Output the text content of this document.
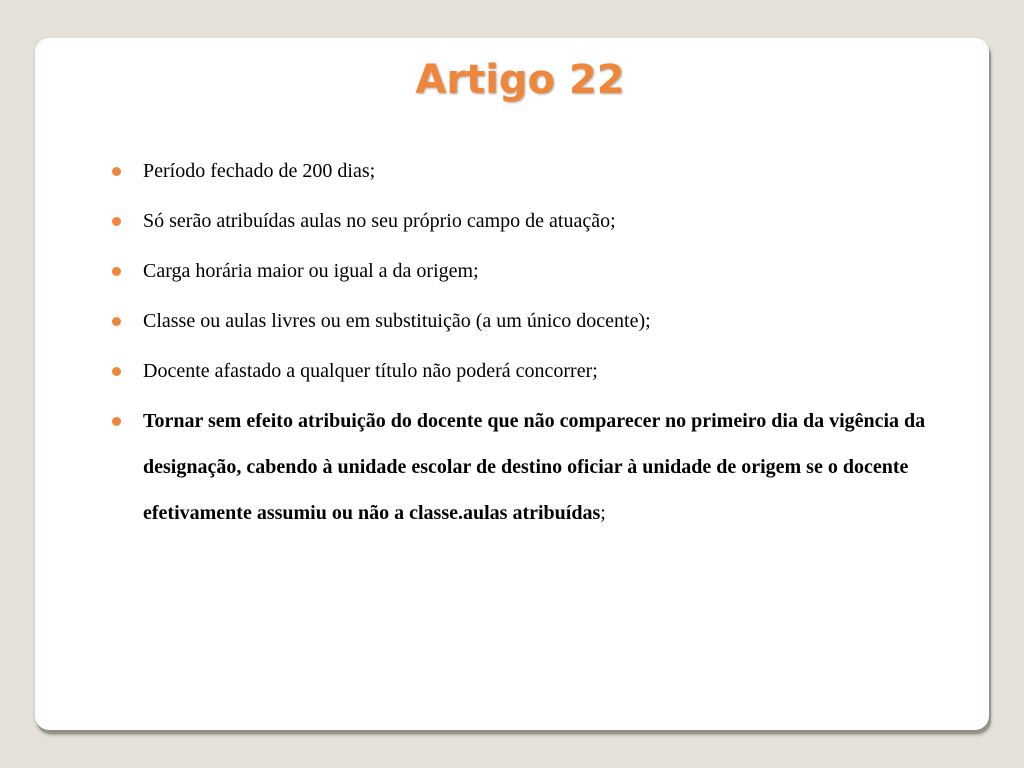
Artigo 22
Período fechado de 200 dias;
Só serão atribuídas aulas no seu próprio campo de atuação;
Carga horária maior ou igual a da origem;
Classe ou aulas livres ou em substituição (a um único docente);
Docente afastado a qualquer título não poderá concorrer;
Tornar sem efeito atribuição do docente que não comparecer no primeiro dia da vigência da designação, cabendo à unidade escolar de destino oficiar à unidade de origem se o docente efetivamente assumiu ou não a classe.aulas atribuídas;
